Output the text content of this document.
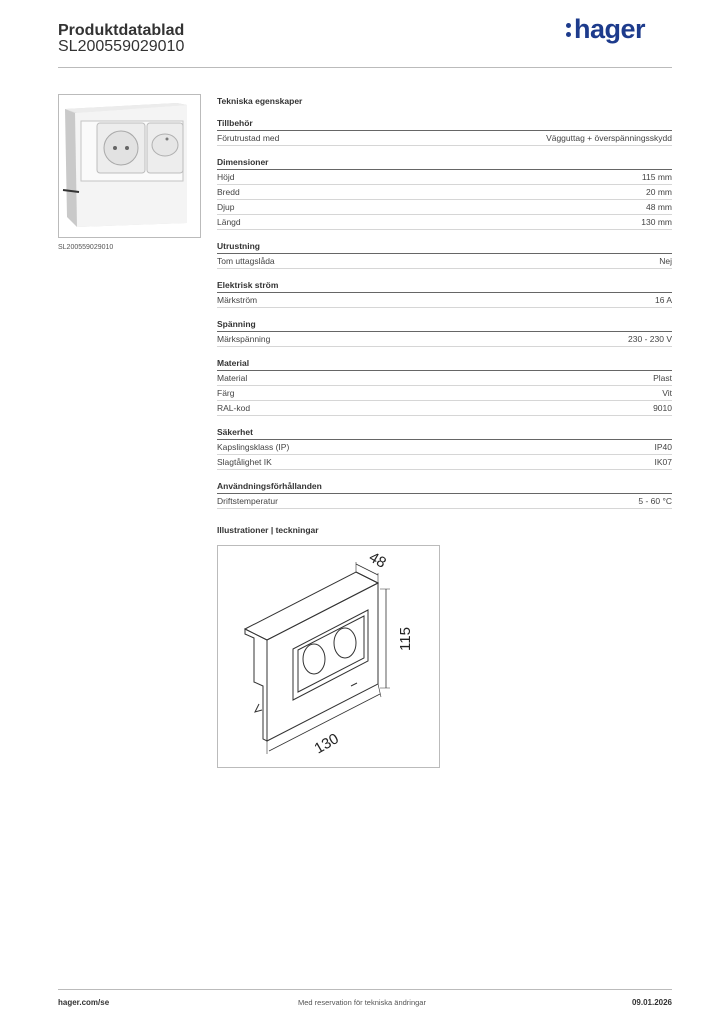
Produktdatablad
SL200559029010
hager
SL200559029010
Tekniska egenskaper
Tillbehör
Förutrustad med	Vägguttag + överspänningsskydd
Dimensioner
Höjd	115 mm
Bredd	20 mm
Djup	48 mm
Längd	130 mm
Utrustning
Tom uttagslåda	Nej
Elektrisk ström
Märkström	16 A
Spänning
Märkspänning	230 - 230 V
Material
Material	Plast
Färg	Vit
RAL-kod	9010
Säkerhet
Kapslingsklass (IP)	IP40
Slagtålighet IK	IK07
Användningsförhållanden
Driftstemperatur	5 - 60 °C
Illustrationer | teckningar
48
115
130
hager.com/se	Med reservation för tekniska ändringar	09.01.2026
